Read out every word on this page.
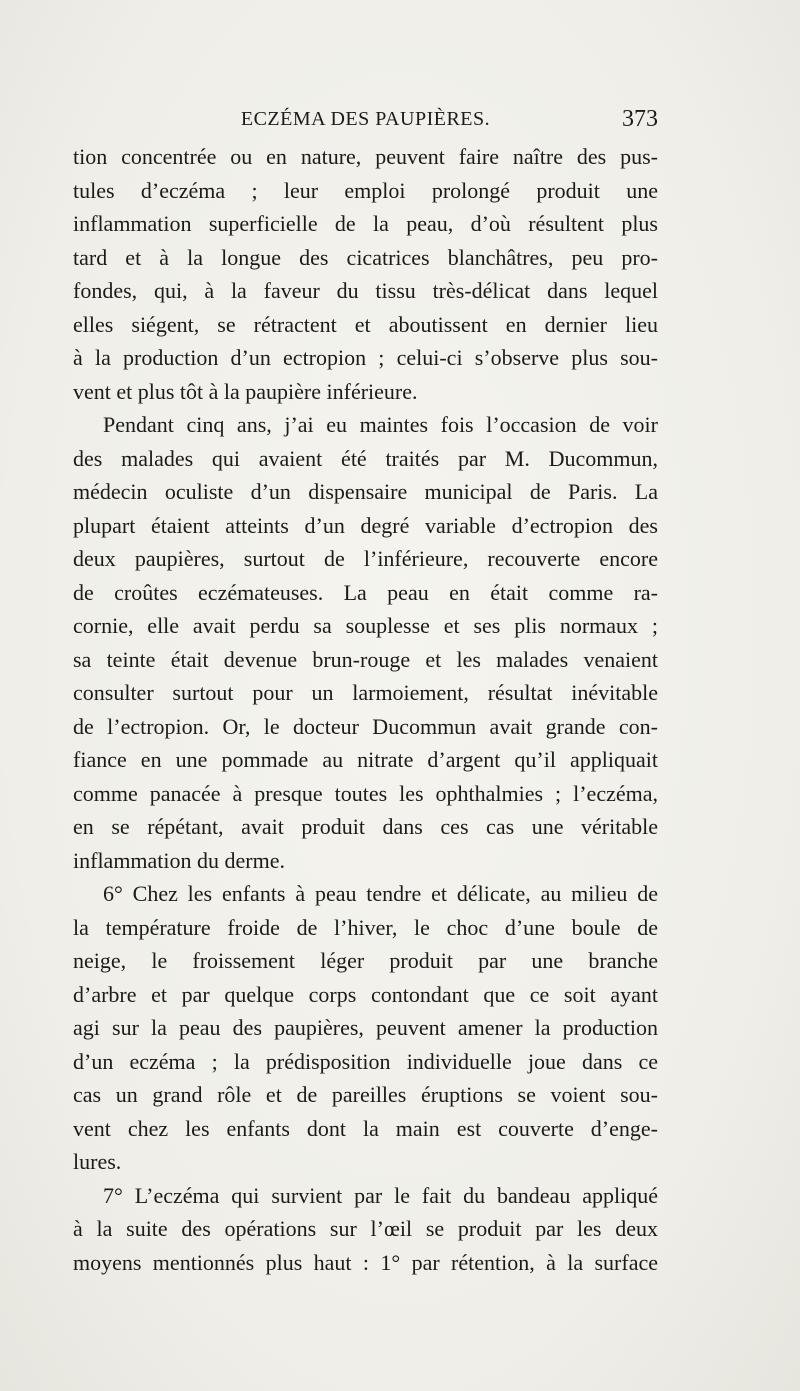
ECZÉMA DES PAUPIÈRES.	373
tion concentrée ou en nature, peuvent faire naître des pus-
tules d’eczéma ; leur emploi prolongé produit une
inflammation superficielle de la peau, d’où résultent plus
tard et à la longue des cicatrices blanchâtres, peu pro-
fondes, qui, à la faveur du tissu très-délicat dans lequel
elles siégent, se rétractent et aboutissent en dernier lieu
à la production d’un ectropion ; celui-ci s’observe plus sou-
vent et plus tôt à la paupière inférieure.
Pendant cinq ans, j’ai eu maintes fois l’occasion de voir
des malades qui avaient été traités par M. Ducommun,
médecin oculiste d’un dispensaire municipal de Paris. La
plupart étaient atteints d’un degré variable d’ectropion des
deux paupières, surtout de l’inférieure, recouverte encore
de croûtes eczémateuses. La peau en était comme ra-
cornie, elle avait perdu sa souplesse et ses plis normaux ;
sa teinte était devenue brun-rouge et les malades venaient
consulter surtout pour un larmoiement, résultat inévitable
de l’ectropion. Or, le docteur Ducommun avait grande con-
fiance en une pommade au nitrate d’argent qu’il appliquait
comme panacée à presque toutes les ophthalmies ; l’eczéma,
en se répétant, avait produit dans ces cas une véritable
inflammation du derme.
6° Chez les enfants à peau tendre et délicate, au milieu de
la température froide de l’hiver, le choc d’une boule de
neige, le froissement léger produit par une branche
d’arbre et par quelque corps contondant que ce soit ayant
agi sur la peau des paupières, peuvent amener la production
d’un eczéma ; la prédisposition individuelle joue dans ce
cas un grand rôle et de pareilles éruptions se voient sou-
vent chez les enfants dont la main est couverte d’enge-
lures.
7° L’eczéma qui survient par le fait du bandeau appliqué
à la suite des opérations sur l’œil se produit par les deux
moyens mentionnés plus haut : 1° par rétention, à la surface
